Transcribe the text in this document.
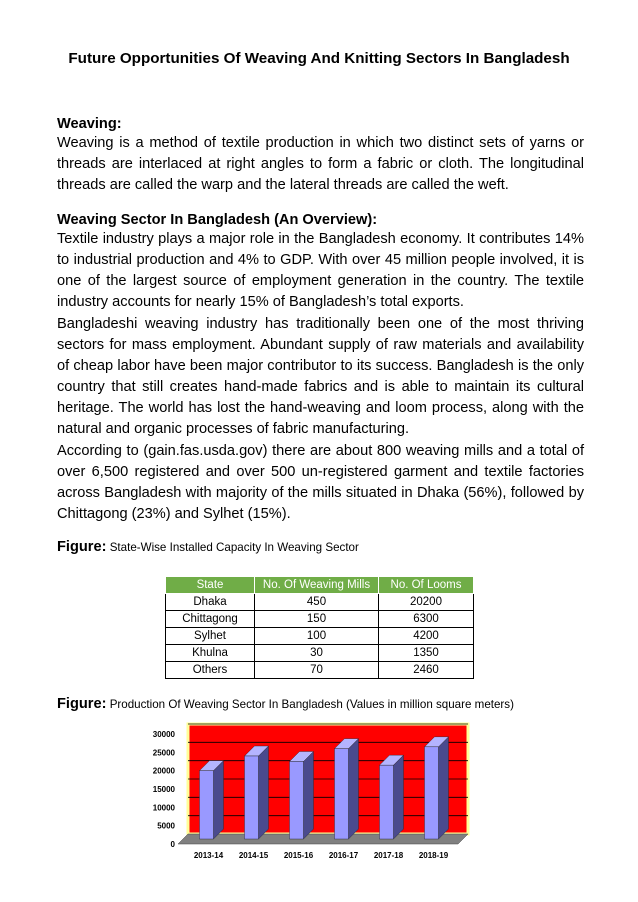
Future Opportunities Of Weaving And Knitting Sectors In Bangladesh
Weaving:
Weaving is a method of textile production in which two distinct sets of yarns or threads are interlaced at right angles to form a fabric or cloth. The longitudinal threads are called the warp and the lateral threads are called the weft.
Weaving Sector In Bangladesh (An Overview):
Textile industry plays a major role in the Bangladesh economy. It contributes 14% to industrial production and 4% to GDP. With over 45 million people involved, it is one of the largest source of employment generation in the country. The textile industry accounts for nearly 15% of Bangladesh’s total exports.
Bangladeshi weaving industry has traditionally been one of the most thriving sectors for mass employment. Abundant supply of raw materials and availability of cheap labor have been major contributor to its success. Bangladesh is the only country that still creates hand-made fabrics and is able to maintain its cultural heritage. The world has lost the hand-weaving and loom process, along with the natural and organic processes of fabric manufacturing.
According to (gain.fas.usda.gov) there are about 800 weaving mills and a total of over 6,500 registered and over 500 un-registered garment and textile factories across Bangladesh with majority of the mills situated in Dhaka (56%), followed by Chittagong (23%) and Sylhet (15%).
Figure: State-Wise Installed Capacity In Weaving Sector
State	No. Of Weaving Mills	No. Of Looms
Dhaka	450	20200
Chittagong	150	6300
Sylhet	100	4200
Khulna	30	1350
Others	70	2460
Figure: Production Of Weaving Sector In Bangladesh (Values in million square meters)
0
5000
10000
15000
20000
25000
30000
2013-14 2014-15 2015-16 2016-17 2017-18 2018-19
